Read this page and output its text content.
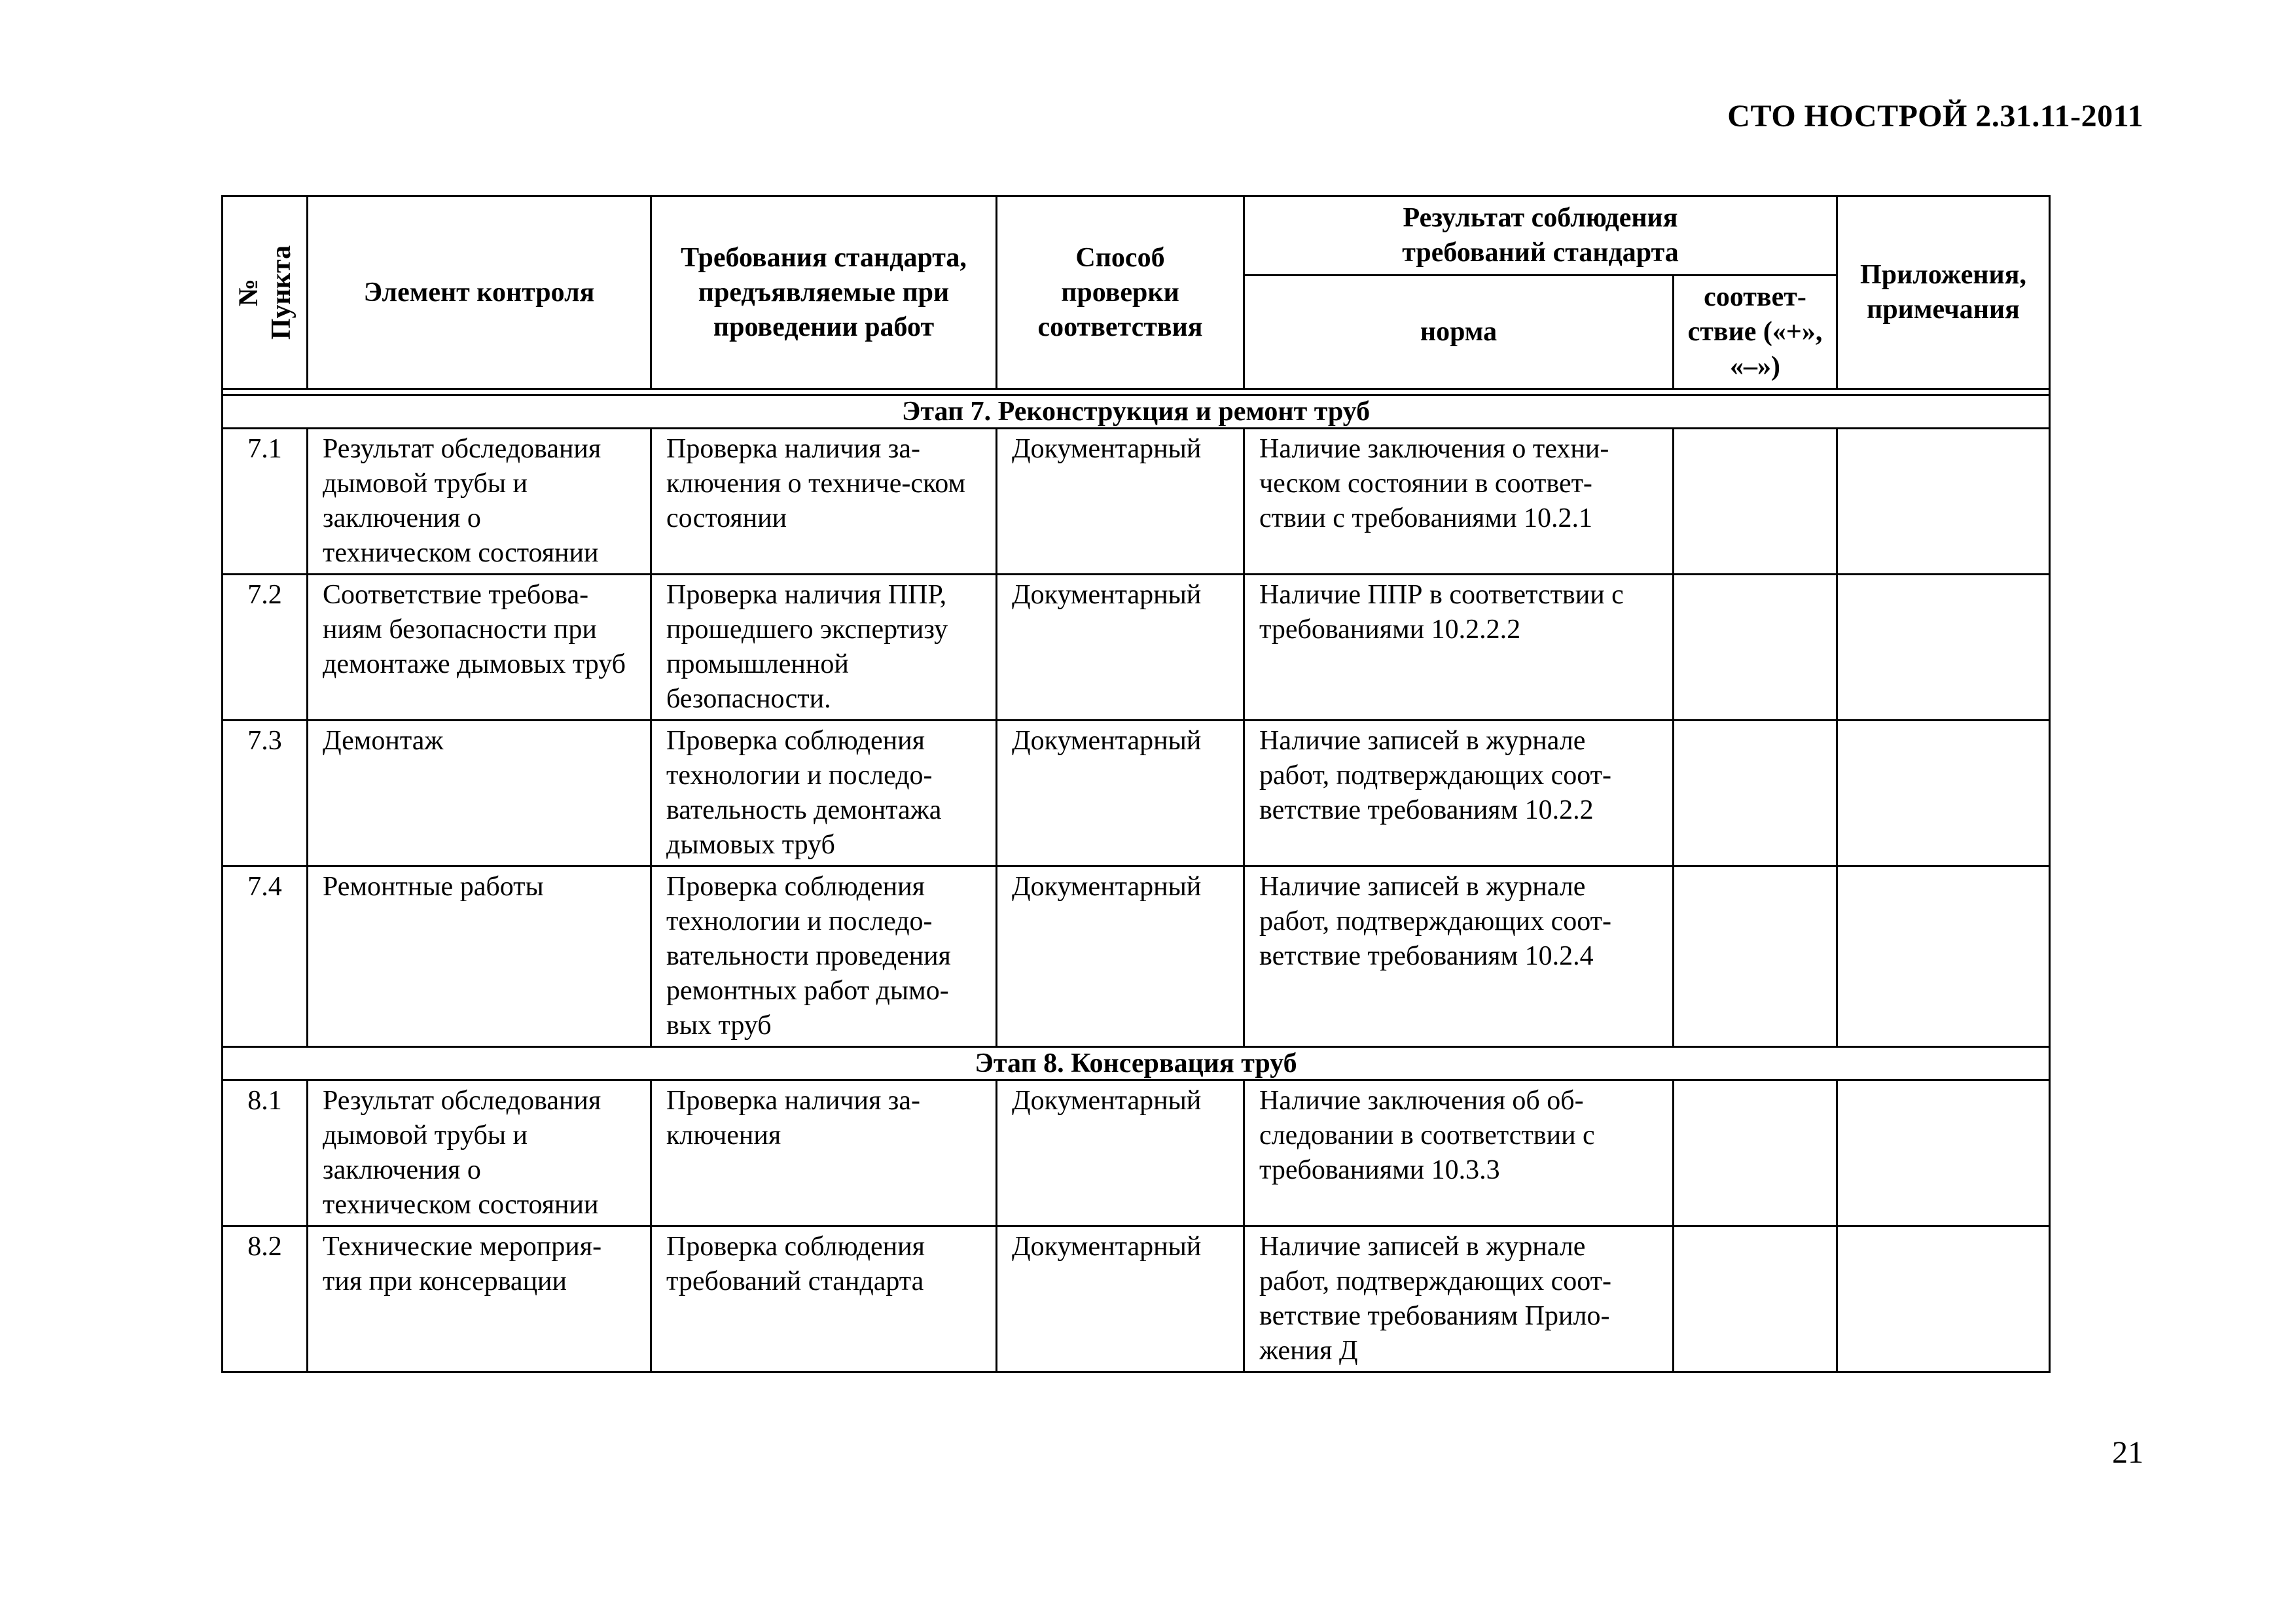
СТО НОСТРОЙ 2.31.11-2011
№ Пункта	Элемент контроля	Требования стандарта, предъявляемые при проведении работ	Способ проверки соответствия	Результат соблюдения требований стандарта		Приложения, примечания
				норма	соответ-ствие («+», «–»)	

Этап 7. Реконструкция и ремонт труб						
7.1	Результат обследования дымовой трубы и заключения о техническом состоянии	Проверка наличия за-ключения о техниче-ском состоянии	Документарный	Наличие заключения о техни-ческом состоянии в соответ-ствии с требованиями 10.2.1		
7.2	Соответствие требова-ниям безопасности при демонтаже дымовых труб	Проверка наличия ППР, прошедшего экспертизу промышленной безопасности.	Документарный	Наличие ППР в соответствии с требованиями 10.2.2.2		
7.3	Демонтаж	Проверка соблюдения технологии и последо-вательность демонтажа дымовых труб	Документарный	Наличие записей в журнале работ, подтверждающих соот-ветствие требованиям 10.2.2		
7.4	Ремонтные работы	Проверка соблюдения технологии и последо-вательности проведения ремонтных работ дымо-вых труб	Документарный	Наличие записей в журнале работ, подтверждающих соот-ветствие требованиям 10.2.4		
Этап 8. Консервация труб						
8.1	Результат обследования дымовой трубы и заключения о техническом состоянии	Проверка наличия за-ключения	Документарный	Наличие заключения об об-следовании в соответствии с требованиями 10.3.3		
8.2	Технические мероприя-тия при консервации	Проверка соблюдения требований стандарта	Документарный	Наличие записей в журнале работ, подтверждающих соот-ветствие требованиям Прило-жения Д		
21
